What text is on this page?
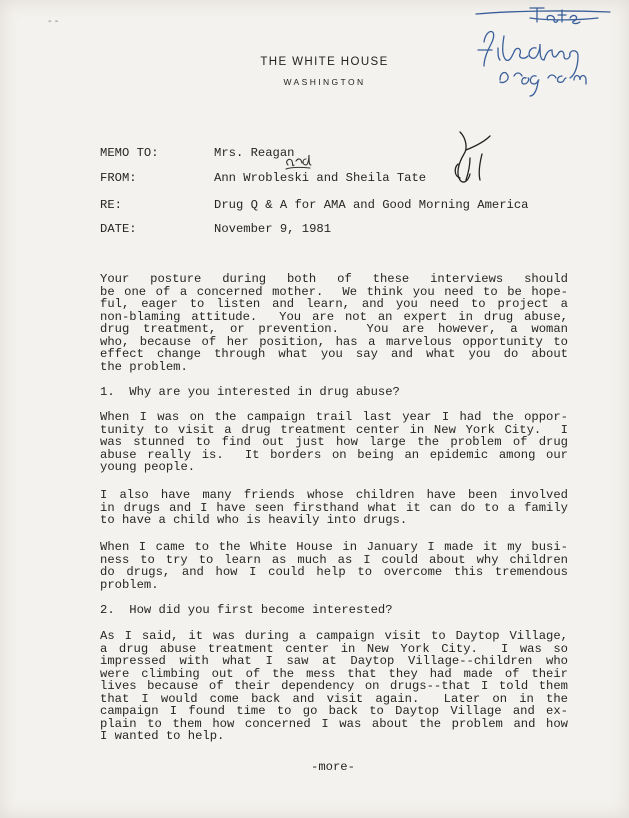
- -
THE WHITE HOUSE
WASHINGTON
MEMO TO:	Mrs. Reagan
FROM:	Ann Wrobleski and Sheila Tate
RE:	Drug Q & A for AMA and Good Morning America
DATE:	November 9, 1981
Your posture during both of these interviews should
be one of a concerned mother.  We think you need to be hope-
ful, eager to listen and learn, and you need to project a
non-blaming attitude.  You are not an expert in drug abuse,
drug treatment, or prevention.  You are however, a woman
who, because of her position, has a marvelous opportunity to
effect change through what you say and what you do about
the problem.
1.  Why are you interested in drug abuse?
When I was on the campaign trail last year I had the oppor-
tunity to visit a drug treatment center in New York City.  I
was stunned to find out just how large the problem of drug
abuse really is.  It borders on being an epidemic among our
young people.
I also have many friends whose children have been involved
in drugs and I have seen firsthand what it can do to a family
to have a child who is heavily into drugs.
When I came to the White House in January I made it my busi-
ness to try to learn as much as I could about why children
do drugs, and how I could help to overcome this tremendous
problem.
2.  How did you first become interested?
As I said, it was during a campaign visit to Daytop Village,
a drug abuse treatment center in New York City.  I was so
impressed with what I saw at Daytop Village--children who
were climbing out of the mess that they had made of their
lives because of their dependency on drugs--that I told them
that I would come back and visit again.  Later on in the
campaign I found time to go back to Daytop Village and ex-
plain to them how concerned I was about the problem and how
I wanted to help.
-more-
